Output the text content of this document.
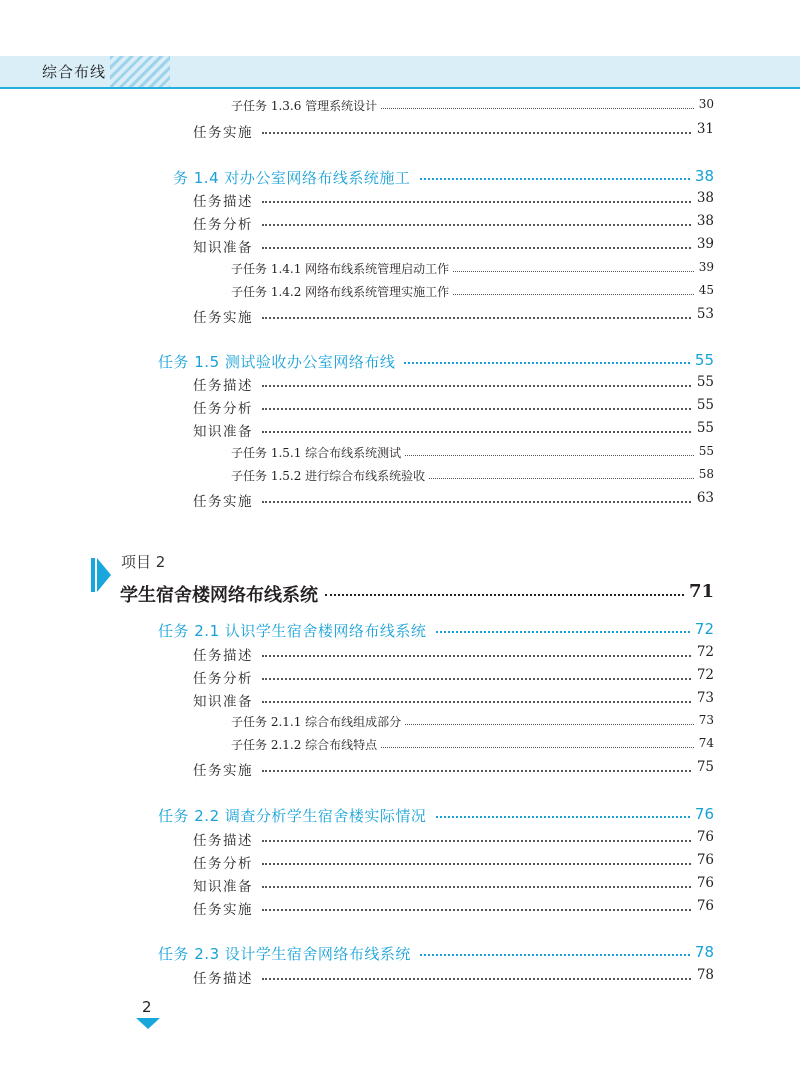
综合布线
子任务 1.3.6 管理系统设计	30
任务实施	31
务 1.4 对办公室网络布线系统施工	38
任务描述	38
任务分析	38
知识准备	39
子任务 1.4.1 网络布线系统管理启动工作	39
子任务 1.4.2 网络布线系统管理实施工作	45
任务实施	53
任务 1.5 测试验收办公室网络布线	55
任务描述	55
任务分析	55
知识准备	55
子任务 1.5.1 综合布线系统测试	55
子任务 1.5.2 进行综合布线系统验收	58
任务实施	63
项目 2
学生宿舍楼网络布线系统	71
任务 2.1 认识学生宿舍楼网络布线系统	72
任务描述	72
任务分析	72
知识准备	73
子任务 2.1.1 综合布线组成部分	73
子任务 2.1.2 综合布线特点	74
任务实施	75
任务 2.2 调查分析学生宿舍楼实际情况	76
任务描述	76
任务分析	76
知识准备	76
任务实施	76
任务 2.3 设计学生宿舍网络布线系统	78
任务描述	78
2
